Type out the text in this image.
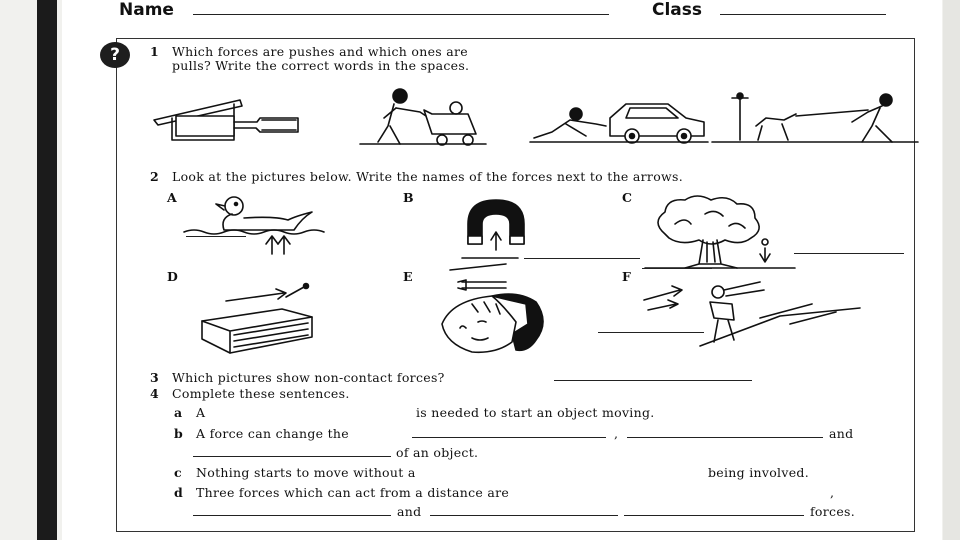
Name	Class
?	1 Which forces are pushes and which ones are
pulls? Write the correct words in the spaces.
2 Look at the pictures below. Write the names of the forces next to the arrows.
A	B	C
D	E	F
3 Which pictures show non-contact forces?
4 Complete these sentences.
a A	is needed to start an object moving.
b A force can change the	,	and
of an object.
c Nothing starts to move without a	being involved.
d Three forces which can act from a distance are	,
and	forces.
